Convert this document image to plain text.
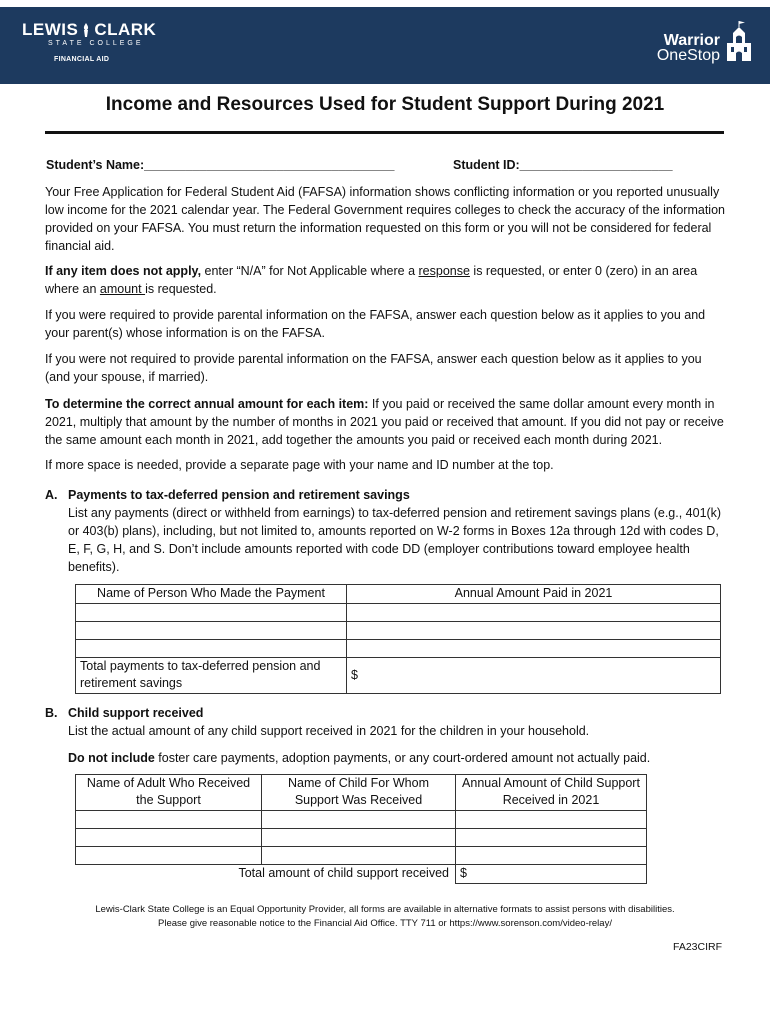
LEWIS CLARK
STATE COLLEGE
FINANCIAL AID
Warrior
OneStop
Income and Resources Used for Student Support During 2021
Student’s Name:____________________________________	Student ID:______________________
Your Free Application for Federal Student Aid (FAFSA) information shows conflicting information or you reported unusually low income for the 2021 calendar year. The Federal Government requires colleges to check the accuracy of the information provided on your FAFSA. You must return the information requested on this form or you will not be considered for federal financial aid.
If any item does not apply, enter “N/A” for Not Applicable where a response is requested, or enter 0 (zero) in an area where an amount is requested.
If you were required to provide parental information on the FAFSA, answer each question below as it applies to you and your parent(s) whose information is on the FAFSA.
If you were not required to provide parental information on the FAFSA, answer each question below as it applies to you (and your spouse, if married).
To determine the correct annual amount for each item: If you paid or received the same dollar amount every month in 2021, multiply that amount by the number of months in 2021 you paid or received that amount. If you did not pay or receive the same amount each month in 2021, add together the amounts you paid or received each month during 2021.
If more space is needed, provide a separate page with your name and ID number at the top.
A. Payments to tax-deferred pension and retirement savings
List any payments (direct or withheld from earnings) to tax-deferred pension and retirement savings plans (e.g., 401(k) or 403(b) plans), including, but not limited to, amounts reported on W-2 forms in Boxes 12a through 12d with codes D, E, F, G, H, and S. Don’t include amounts reported with code DD (employer contributions toward employee health benefits).
Name of Person Who Made the Payment	Annual Amount Paid in 2021

Total payments to tax-deferred pension and retirement savings	$
B. Child support received
List the actual amount of any child support received in 2021 for the children in your household.
Do not include foster care payments, adoption payments, or any court-ordered amount not actually paid.
Name of Adult Who Received the Support	Name of Child For Whom Support Was Received	Annual Amount of Child Support Received in 2021

Total amount of child support received		$
Lewis-Clark State College is an Equal Opportunity Provider, all forms are available in alternative formats to assist persons with disabilities.
Please give reasonable notice to the Financial Aid Office. TTY 711 or https://www.sorenson.com/video-relay/
FA23CIRF
